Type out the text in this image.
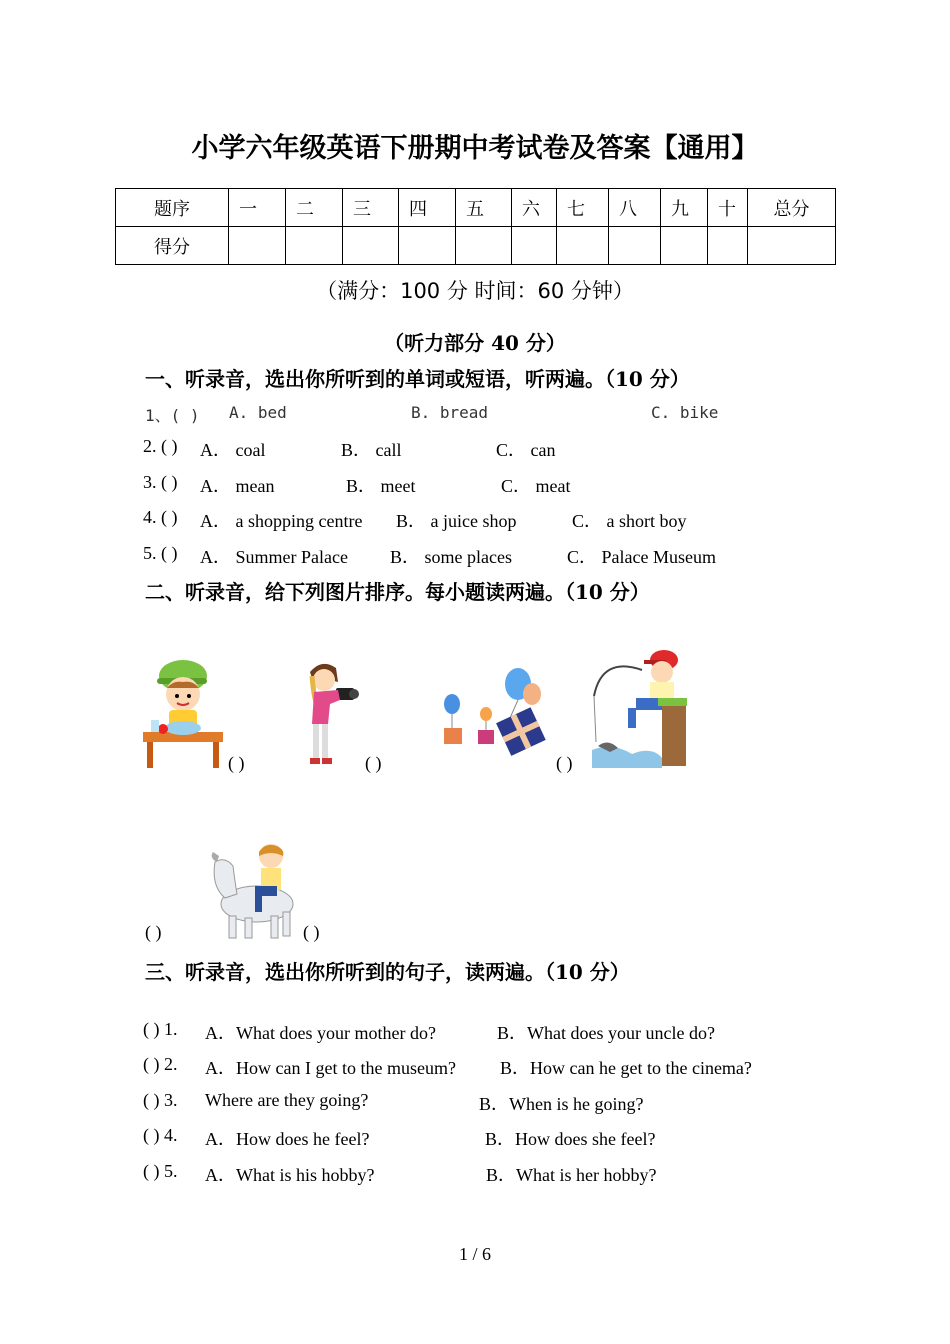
小学六年级英语下册期中考试卷及答案【通用】
题序	一	二	三	四	五	六	七	八	九	十	总分
得分											
（满分：100 分 时间：60 分钟）
（听力部分 40 分）
一、听录音，选出你所听到的单词或短语，听两遍。（10 分）
1、( ) A. bed	B. bread	C. bike
2. ( ) A． coal	B． call	C． can
3. ( ) A． mean	B． meet	C． meat
4. ( ) A． a shopping centre B． a juice shop	C． a short boy
5. ( ) A． Summer Palace B． some places	C． Palace Museum
二、听录音，给下列图片排序。每小题读两遍。（10 分）
( )	( )	( )
( )	( )
三、听录音，选出你所听到的句子，读两遍。（10 分）
( ) 1. A．What does your mother do?	B．What does your uncle do?
( ) 2. A．How can I get to the museum? B．How can he get to the cinema?
( ) 3. Where are they going?	B．When is he going?
( ) 4. A．How does he feel?	B．How does she feel?
( ) 5. A．What is his hobby?	B．What is her hobby?
1 / 6
